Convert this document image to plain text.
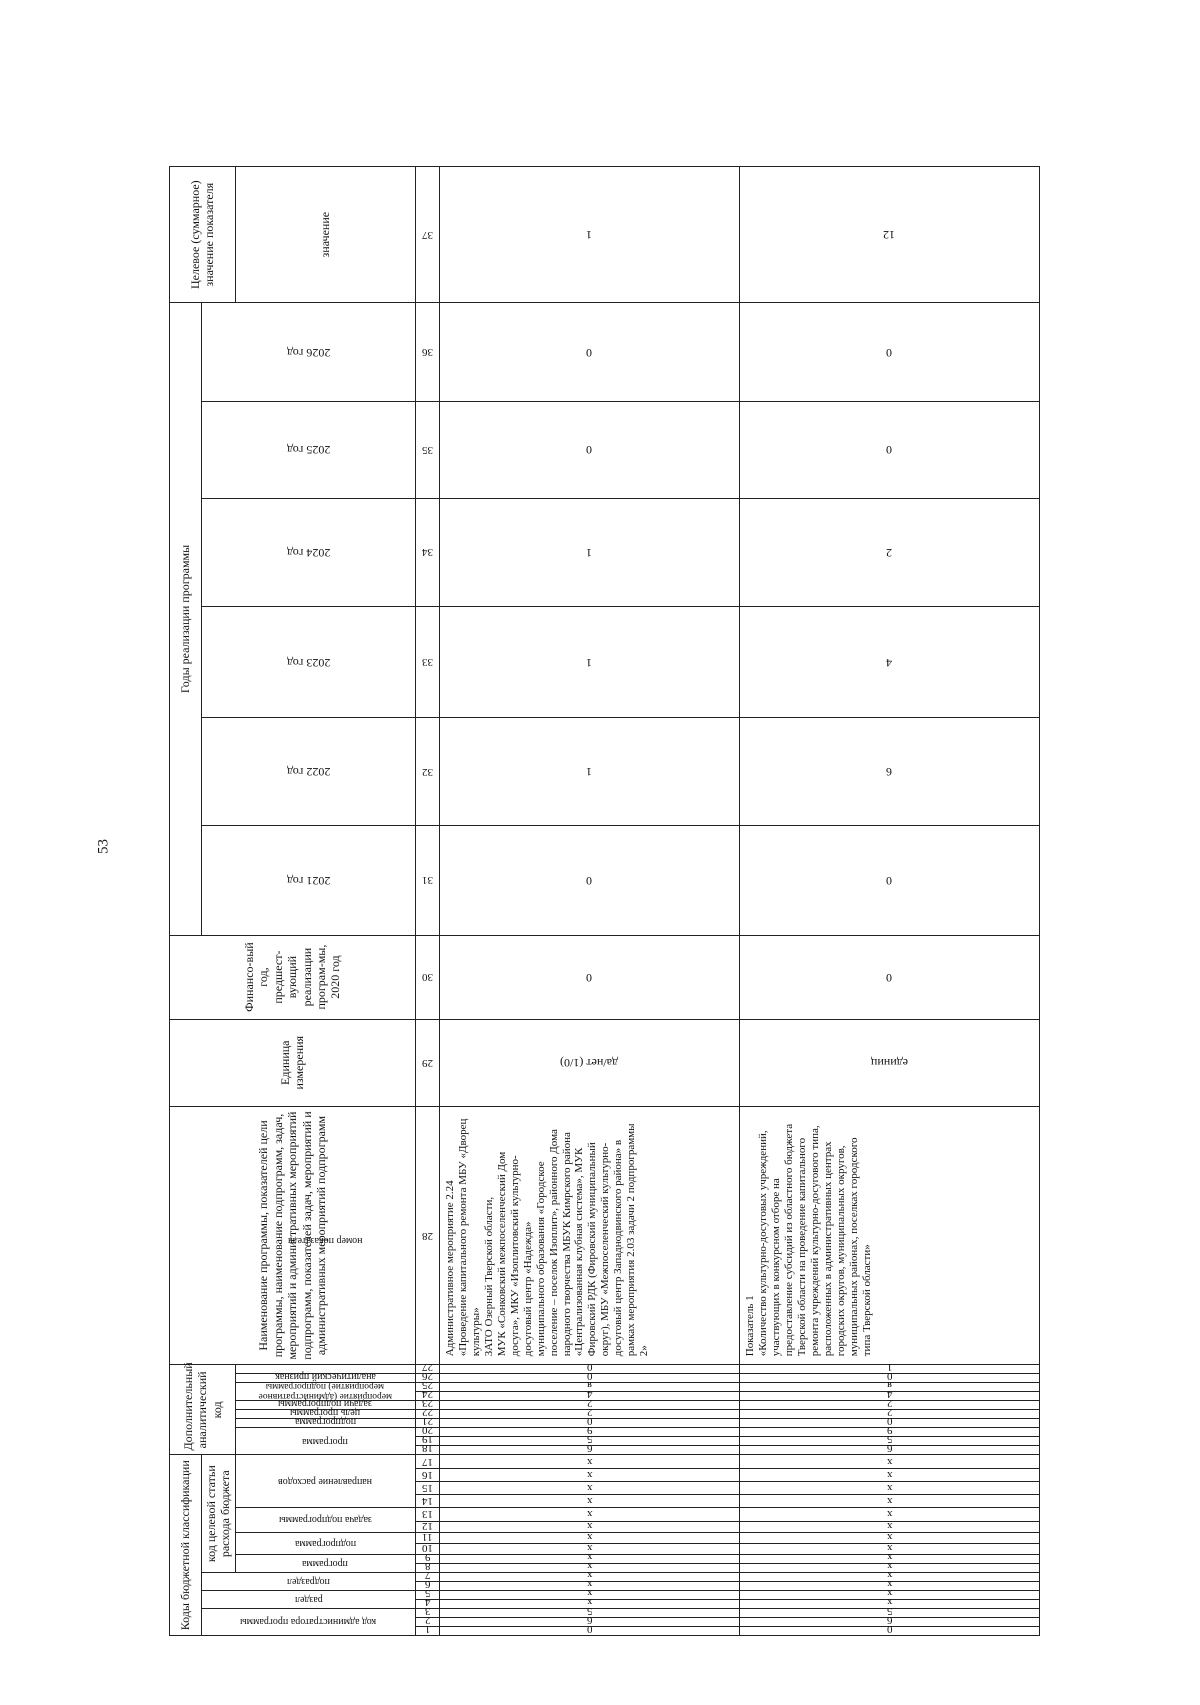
53
Коды бюджетной классификации																	Дополнительный аналитический код										Наименование программы, показателей цели программы, наименование подпрограмм, задач, мероприятий и административных мероприятий подпрограмм, показателей задач, мероприятий и административных мероприятий подпрограмм	Единица измерения	Финансо-вый год, предшест-вующий реализации програм-мы, 2020 год	Годы реализации программы						Целевое (суммарное) значение показателя

код администратора программы			раздел		подраздел		код целевой статьи расхода бюджета																							2021 год	2022 год	2023 год	2024 год	2025 год	2026 год	

							программа		подпрограмма		задача подпрограммы		направление расходов				программа			подпрограмма	цель программы	задачи подпрограммы	мероприятие (административное мероприятие) подпрограммы		аналитический признак	номер показателя										значение

1	2	3	4	5	6	7	8	9	10	11	12	13	14	15	16	17	18	19	20	21	22	23	24	25	26	27	28	29	30	31	32	33	34	35	36	37

0	6	5	х	х	х	х	х	х	х	х	х	х	х	х	х	х	6	5	9	0	2	2	4	я	0	0	Административное мероприятие 2.24
«Проведение капитального ремонта МБУ «Дворец культуры»
ЗАТО Озерный Тверской области,
МУК «Сонковский межпоселенческий Дом досуга», МКУ «Изоплитовский культурно-досуговый центр «Надежда»
муниципального образования «Городское поселение – поселок Изоплит», районного Дома народного творчества МБУК Кимрского района «Централизованная клубная система», МУК Фировский РДК (Фировский муниципальный округ), МБУ «Межпоселенческий культурно-досуговый центр Западнодвинского района» в рамках мероприятия 2.03 задачи 2 подпрограммы 2»	да/нет (1/0)	0	0	1	1	1	0	0	1

0	6	5	х	х	х	х	х	х	х	х	х	х	х	х	х	х	6	5	9	0	2	2	4	я	0	1	Показатель 1
«Количество культурно-досуговых учреждений, участвующих в конкурсном отборе на предоставление субсидий из областного бюджета Тверской области на проведение капитального ремонта учреждений культурно-досугового типа, расположенных в административных центрах городских округов, муниципальных округов, муниципальных районах, поселках городского типа Тверской области»	единиц	0	0	6	4	2	0	0	12
